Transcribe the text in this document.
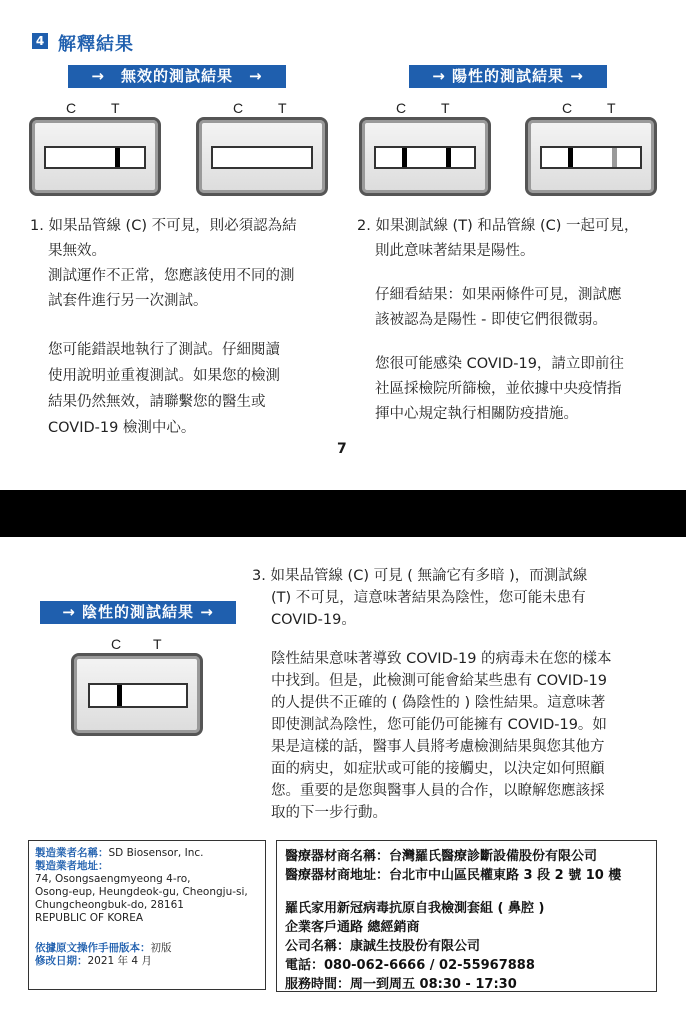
4 解釋結果
→　無效的測試結果　→	→ 陽性的測試結果 →
C T	C T	C T	C T
1. 如果品管線 (C) 不可見，則必須認為結
果無效。
測試運作不正常，您應該使用不同的測
試套件進行另一次測試。
您可能錯誤地執行了測試。仔細閱讀
使用說明並重複測試。如果您的檢測
結果仍然無效，請聯繫您的醫生或
COVID-19 檢測中心。
2. 如果測試線 (T) 和品管線 (C) 一起可見，
則此意味著結果是陽性。
仔細看結果：如果兩條件可見，測試應
該被認為是陽性 - 即使它們很微弱。
您很可能感染 COVID-19，請立即前往
社區採檢院所篩檢，並依據中央疫情指
揮中心規定執行相關防疫措施。
7
→ 陰性的測試結果 →
C T
3. 如果品管線 (C) 可見 ( 無論它有多暗 )，而測試線
(T) 不可見，這意味著結果為陰性，您可能未患有
COVID-19。
陰性結果意味著導致 COVID-19 的病毒未在您的樣本
中找到。但是，此檢測可能會給某些患有 COVID-19
的人提供不正確的 ( 偽陰性的 ) 陰性結果。這意味著
即使測試為陰性，您可能仍可能擁有 COVID-19。如
果是這樣的話，醫事人員將考慮檢測結果與您其他方
面的病史，如症狀或可能的接觸史，以決定如何照顧
您。重要的是您與醫事人員的合作，以瞭解您應該採
取的下一步行動。
製造業者名稱：SD Biosensor, Inc.
製造業者地址：
74, Osongsaengmyeong 4-ro,
Osong-eup, Heungdeok-gu, Cheongju-si,
Chungcheongbuk-do, 28161
REPUBLIC OF KOREA
依據原文操作手冊版本：初版
修改日期：2021 年 4 月
醫療器材商名稱：台灣羅氏醫療診斷設備股份有限公司
醫療器材商地址：台北市中山區民權東路 3 段 2 號 10 樓
羅氏家用新冠病毒抗原自我檢測套組 ( 鼻腔 )
企業客戶通路 總經銷商
公司名稱：康誠生技股份有限公司
電話：080-062-6666 / 02-55967888
服務時間：周一到周五 08:30 - 17:30
